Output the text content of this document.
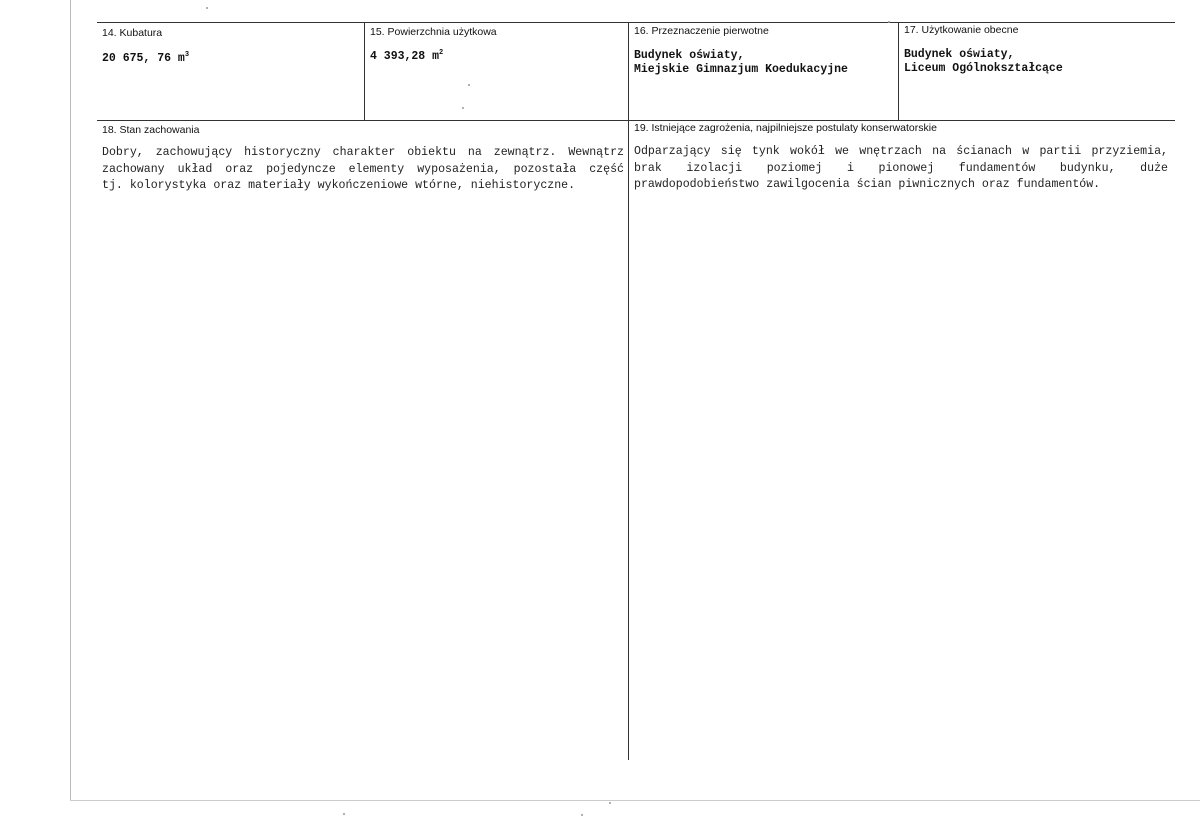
14. Kubatura
20 675, 76 $m^3$
15. Powierzchnia użytkowa
4 393,28 $m^2$
16. Przeznaczenie pierwotne
Budynek oświaty,
Miejskie Gimnazjum Koedukacyjne
17. Użytkowanie obecne
Budynek oświaty,
Liceum Ogólnokształcące
18. Stan zachowania
Dobry, zachowujący historyczny charakter obiektu na zewnątrz. Wewnątrz
zachowany układ oraz pojedyncze elementy wyposażenia, pozostała część
tj. kolorystyka oraz materiały wykończeniowe wtórne, niehistoryczne.
19. Istniejące zagrożenia, najpilniejsze postulaty konserwatorskie
Odparzający się tynk wokół we wnętrzach na ścianach w partii przyziemia,
brak izolacji poziomej i pionowej fundamentów budynku, duże
prawdopodobieństwo zawilgocenia ścian piwnicznych oraz fundamentów.
